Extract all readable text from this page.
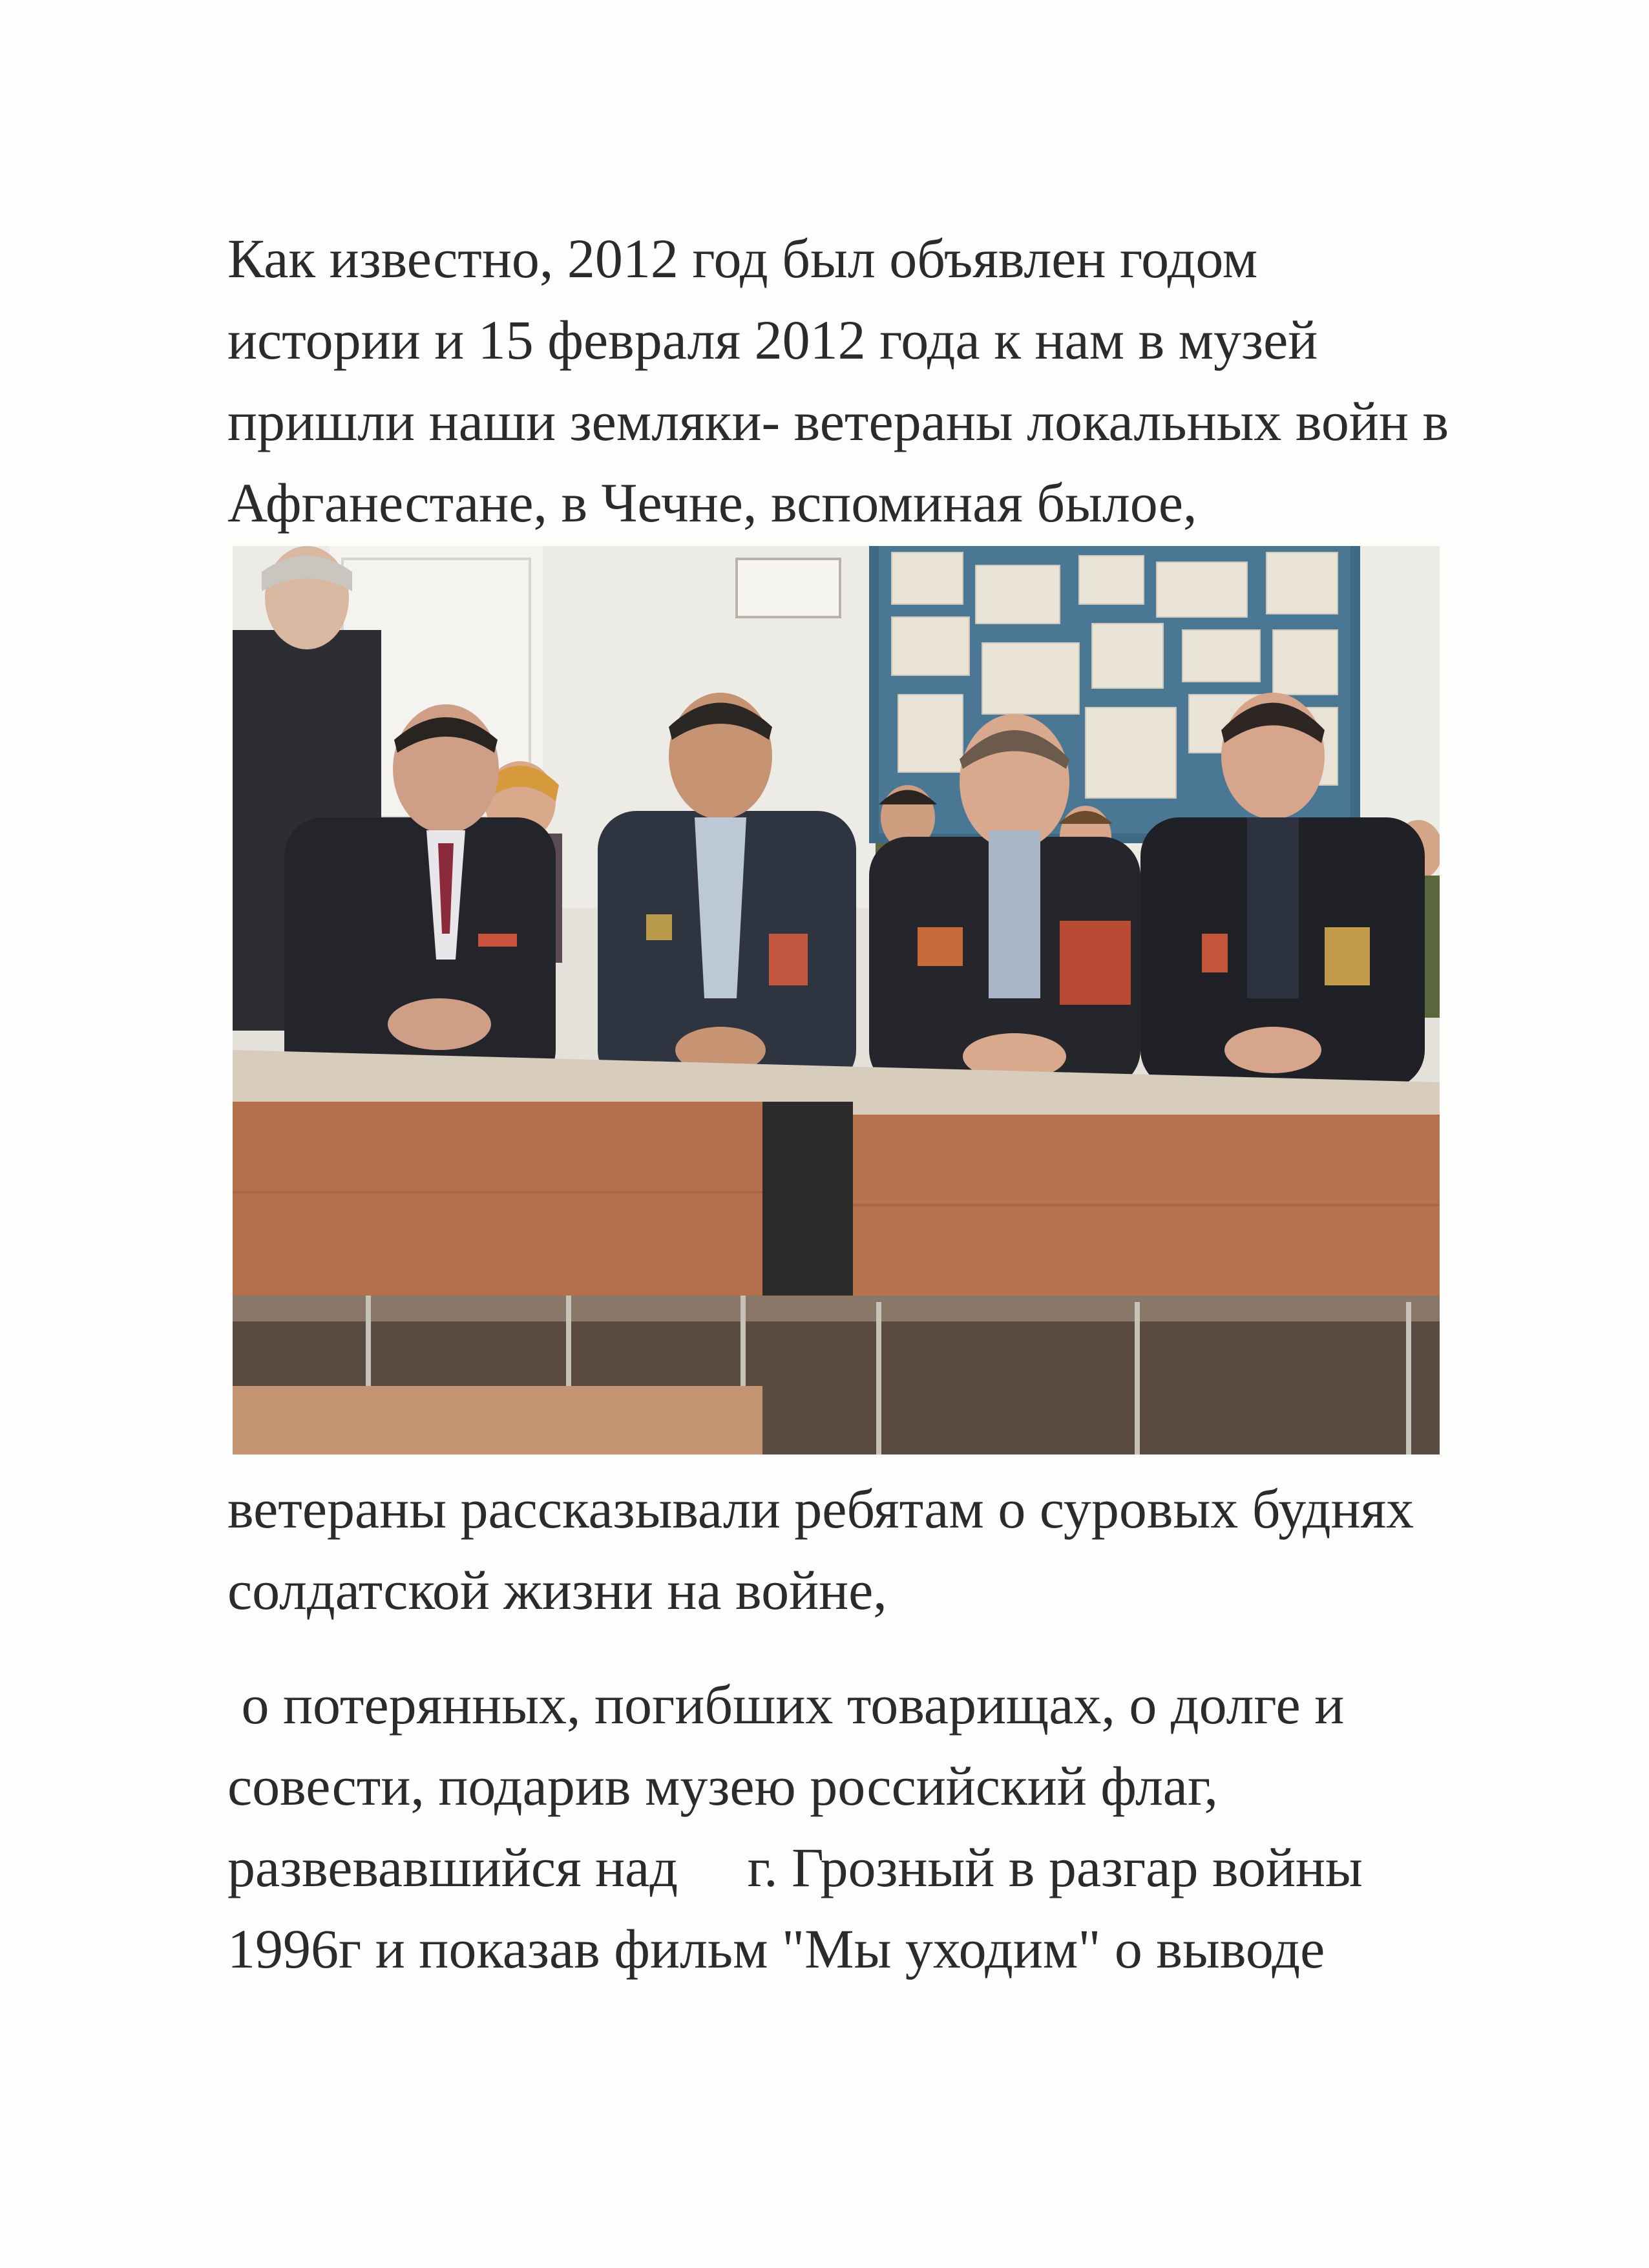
Как известно, 2012 год был объявлен годом
истории и 15 февраля 2012 года к нам в музей
пришли наши земляки- ветераны локальных войн в
Афганестане, в Чечне, вспоминая былое,

ветераны рассказывали ребятам о суровых буднях
солдатской жизни на войне,

о потерянных, погибших товарищах, о долге и
совести, подарив музею российский флаг,
развевавшийся над     г. Грозный в разгар войны
1996г и показав фильм "Мы уходим" о выводе
